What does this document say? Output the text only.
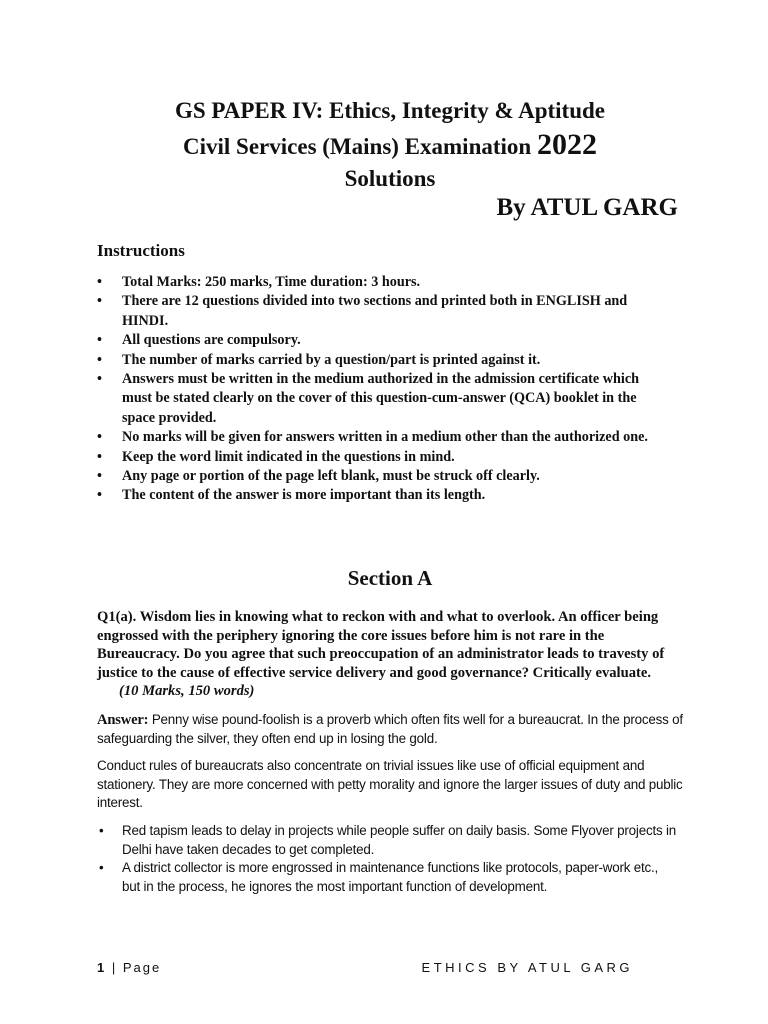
GS PAPER IV: Ethics, Integrity & Aptitude
Civil Services (Mains) Examination 2022
Solutions
By ATUL GARG
Instructions
• Total Marks: 250 marks, Time duration: 3 hours.
• There are 12 questions divided into two sections and printed both in ENGLISH and HINDI.
• All questions are compulsory.
• The number of marks carried by a question/part is printed against it.
• Answers must be written in the medium authorized in the admission certificate which must be stated clearly on the cover of this question-cum-answer (QCA) booklet in the space provided.
• No marks will be given for answers written in a medium other than the authorized one.
• Keep the word limit indicated in the questions in mind.
• Any page or portion of the page left blank, must be struck off clearly.
• The content of the answer is more important than its length.
Section A
Q1(a). Wisdom lies in knowing what to reckon with and what to overlook. An officer being engrossed with the periphery ignoring the core issues before him is not rare in the Bureaucracy. Do you agree that such preoccupation of an administrator leads to travesty of justice to the cause of effective service delivery and good governance? Critically evaluate.(10 Marks, 150 words)
Answer: Penny wise pound-foolish is a proverb which often fits well for a bureaucrat. In the process of safeguarding the silver, they often end up in losing the gold.
Conduct rules of bureaucrats also concentrate on trivial issues like use of official equipment and stationery. They are more concerned with petty morality and ignore the larger issues of duty and public interest.
• Red tapism leads to delay in projects while people suffer on daily basis. Some Flyover projects in Delhi have taken decades to get completed.
• A district collector is more engrossed in maintenance functions like protocols, paper-work etc., but in the process, he ignores the most important function of development.
1 | Page	ETHICS BY ATUL GARG
